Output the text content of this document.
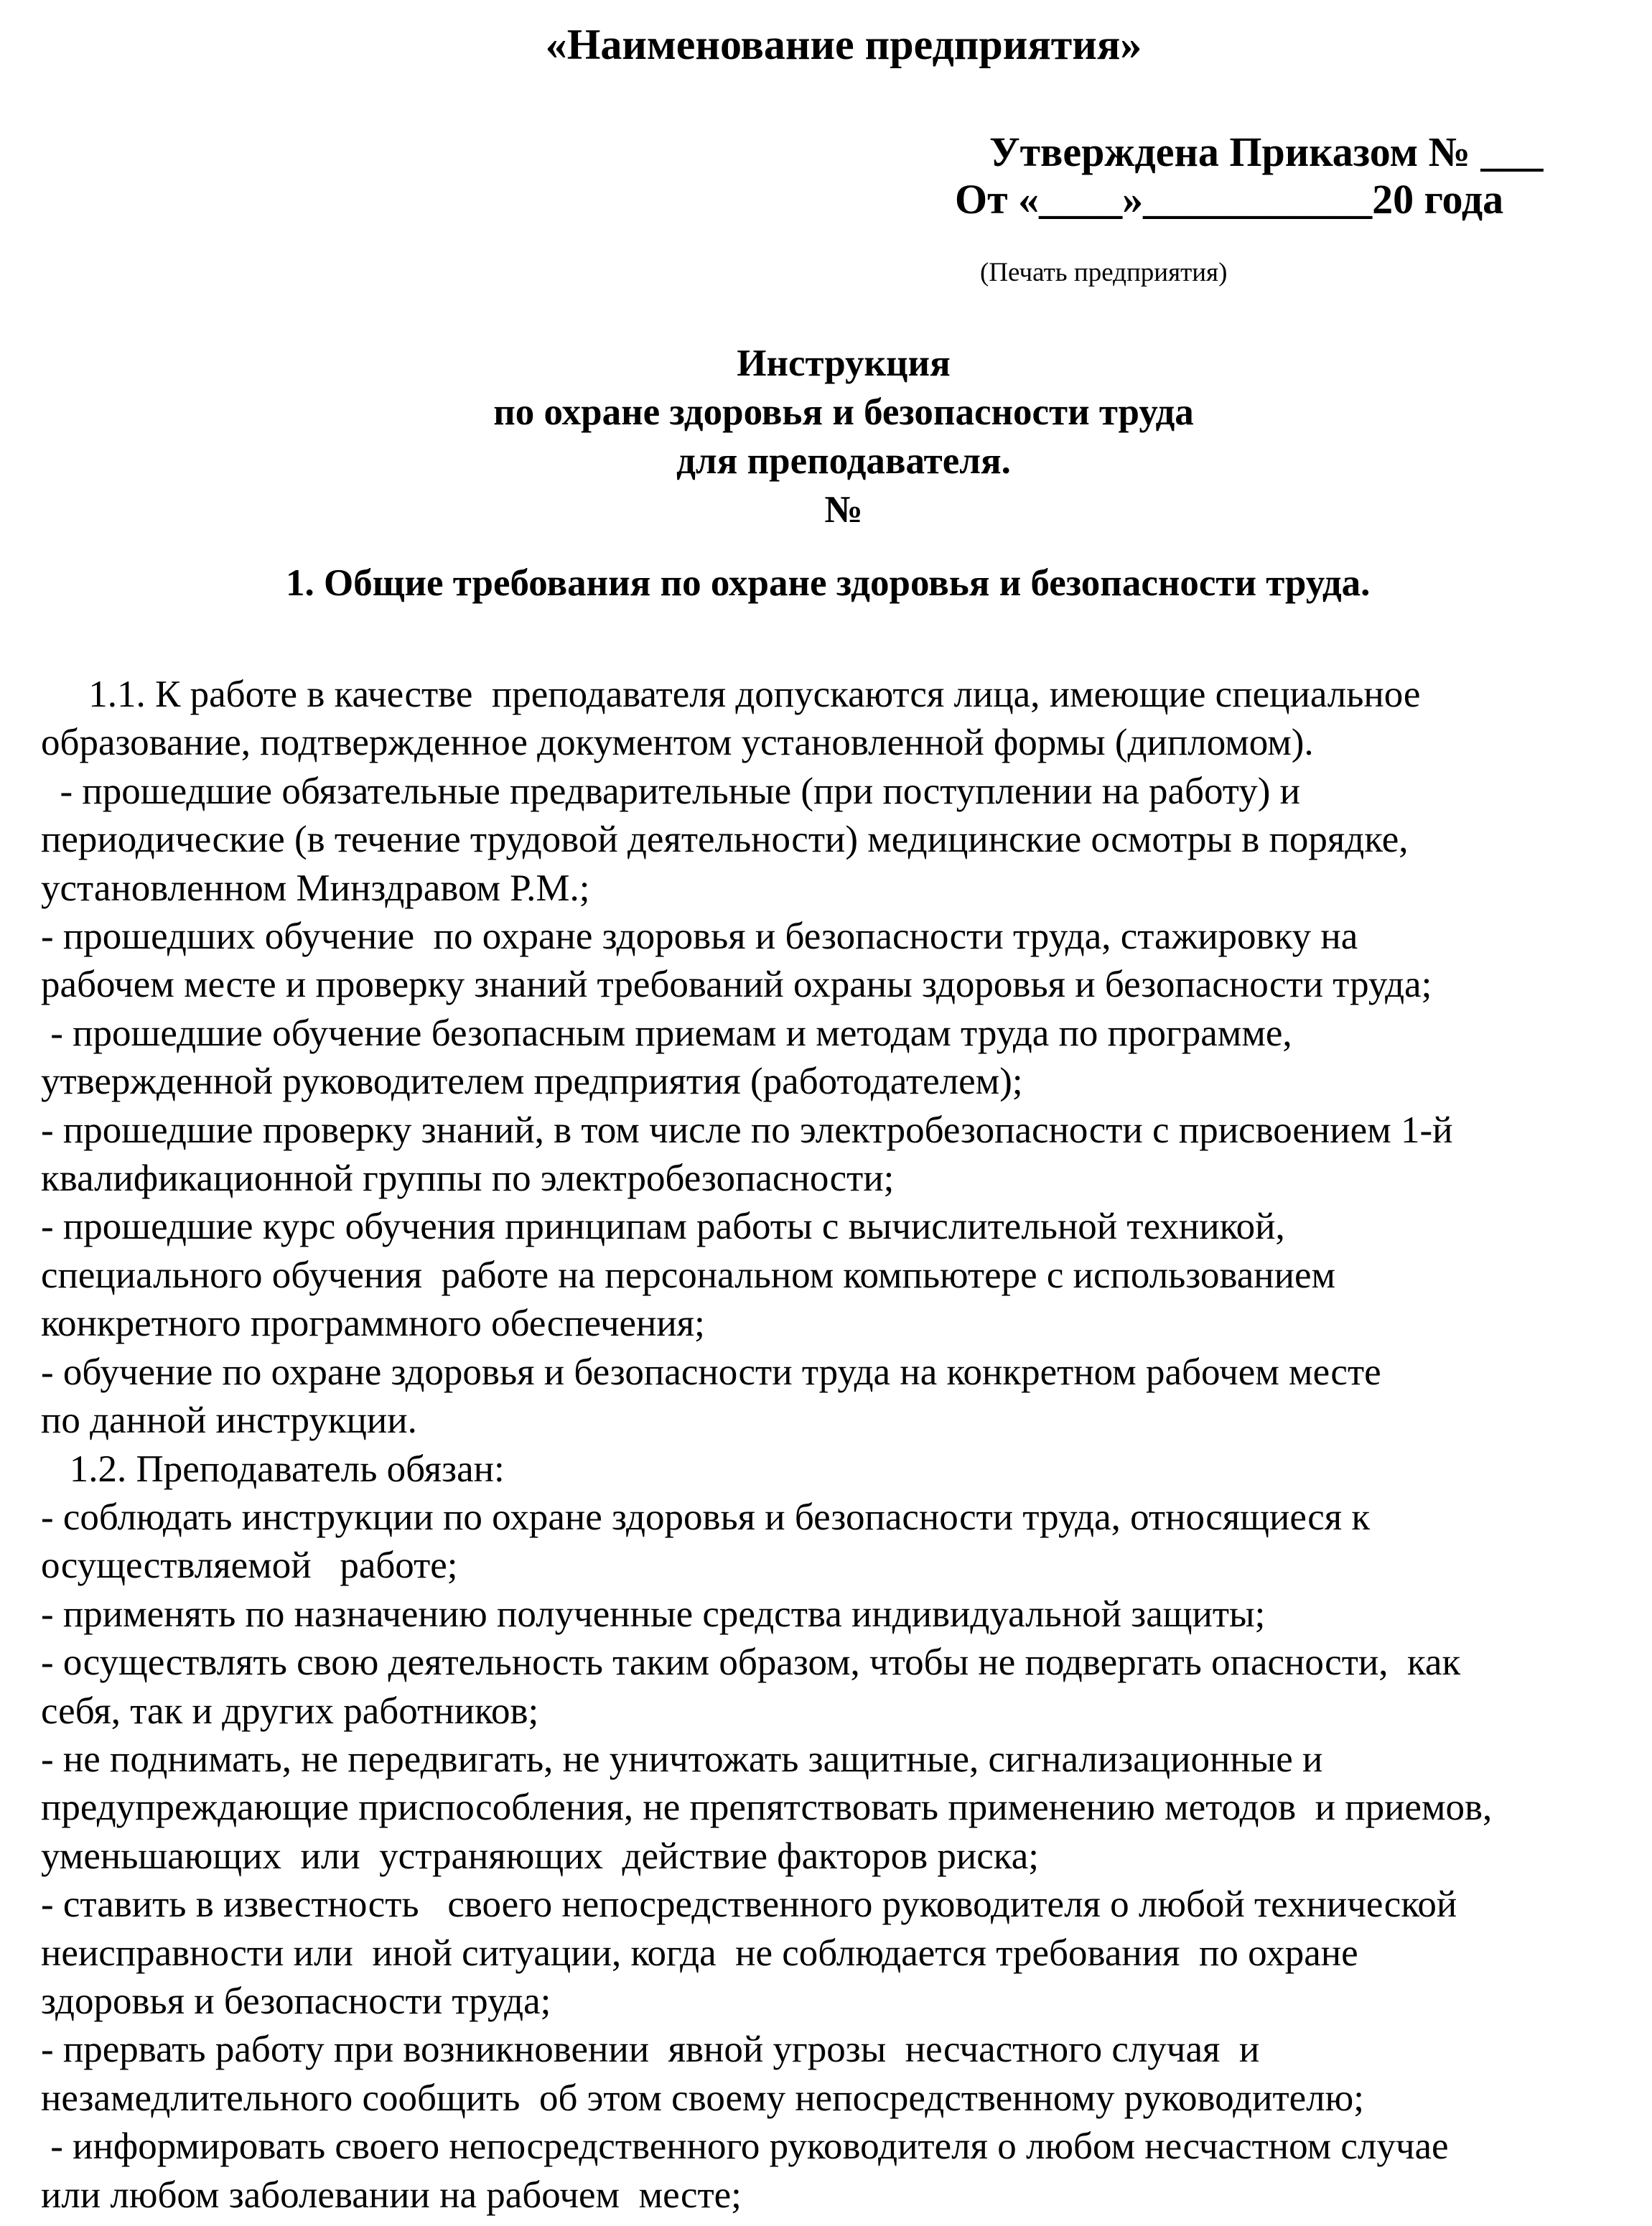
«Наименование предприятия»
Утверждена Приказом № ___
От «____»___________20 года
(Печать предприятия)
Инструкция
по охране здоровья и безопасности труда
для преподавателя.
№
1. Общие требования по охране здоровья и безопасности труда.
1.1. К работе в качестве  преподавателя допускаются лица, имеющие специальное
образование, подтвержденное документом установленной формы (дипломом).
- прошедшие обязательные предварительные (при поступлении на работу) и
периодические (в течение трудовой деятельности) медицинские осмотры в порядке,
установленном Минздравом Р.М.;
- прошедших обучение  по охране здоровья и безопасности труда, стажировку на
рабочем месте и проверку знаний требований охраны здоровья и безопасности труда;
- прошедшие обучение безопасным приемам и методам труда по программе,
утвержденной руководителем предприятия (работодателем);
- прошедшие проверку знаний, в том числе по электробезопасности с присвоением 1-й
квалификационной группы по электробезопасности;
- прошедшие курс обучения принципам работы с вычислительной техникой,
специального обучения  работе на персональном компьютере с использованием
конкретного программного обеспечения;
- обучение по охране здоровья и безопасности труда на конкретном рабочем месте
по данной инструкции.
1.2. Преподаватель обязан:
- соблюдать инструкции по охране здоровья и безопасности труда, относящиеся к
осуществляемой   работе;
- применять по назначению полученные средства индивидуальной защиты;
- осуществлять свою деятельность таким образом, чтобы не подвергать опасности,  как
себя, так и других работников;
- не поднимать, не передвигать, не уничтожать защитные, сигнализационные и
предупреждающие приспособления, не препятствовать применению методов  и приемов,
уменьшающих  или  устраняющих  действие факторов риска;
- ставить в известность   своего непосредственного руководителя о любой технической
неисправности или  иной ситуации, когда  не соблюдается требования  по охране
здоровья и безопасности труда;
- прервать работу при возникновении  явной угрозы  несчастного случая  и
незамедлительного сообщить  об этом своему непосредственному руководителю;
- информировать своего непосредственного руководителя о любом несчастном случае
или любом заболевании на рабочем  месте;
